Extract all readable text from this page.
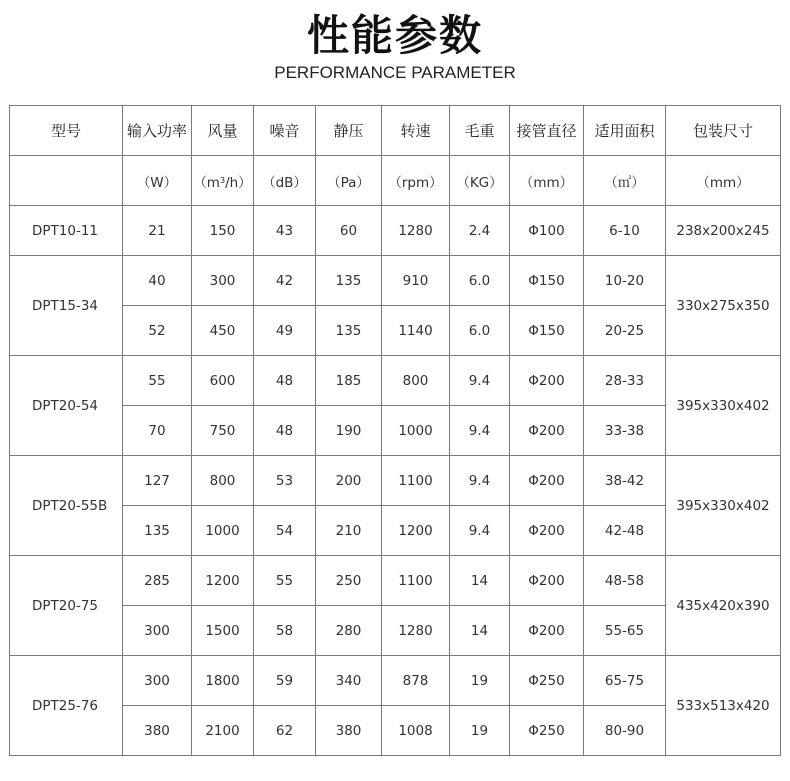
性能参数
PERFORMANCE PARAMETER
型号	输入功率	风量	噪音	静压	转速	毛重	接管直径	适用面积	包装尺寸
	（W）	$(m^3/h)$	（dB）	（Pa）	（rpm）	（KG）	（mm）	（㎡）	（mm）
DPT10-11	21	150	43	60	1280	2.4	Φ100	6-10	238x200x245
DPT15-34	40	300	42	135	910	6.0	Φ150	10-20	330x275x350
	52	450	49	135	1140	6.0	Φ150	20-25	
DPT20-54	55	600	48	185	800	9.4	Φ200	28-33	395x330x402
	70	750	48	190	1000	9.4	Φ200	33-38	
DPT20-55B	127	800	53	200	1100	9.4	Φ200	38-42	395x330x402
	135	1000	54	210	1200	9.4	Φ200	42-48	
DPT20-75	285	1200	55	250	1100	14	Φ200	48-58	435x420x390
	300	1500	58	280	1280	14	Φ200	55-65	
DPT25-76	300	1800	59	340	878	19	Φ250	65-75	533x513x420
	380	2100	62	380	1008	19	Φ250	80-90	
